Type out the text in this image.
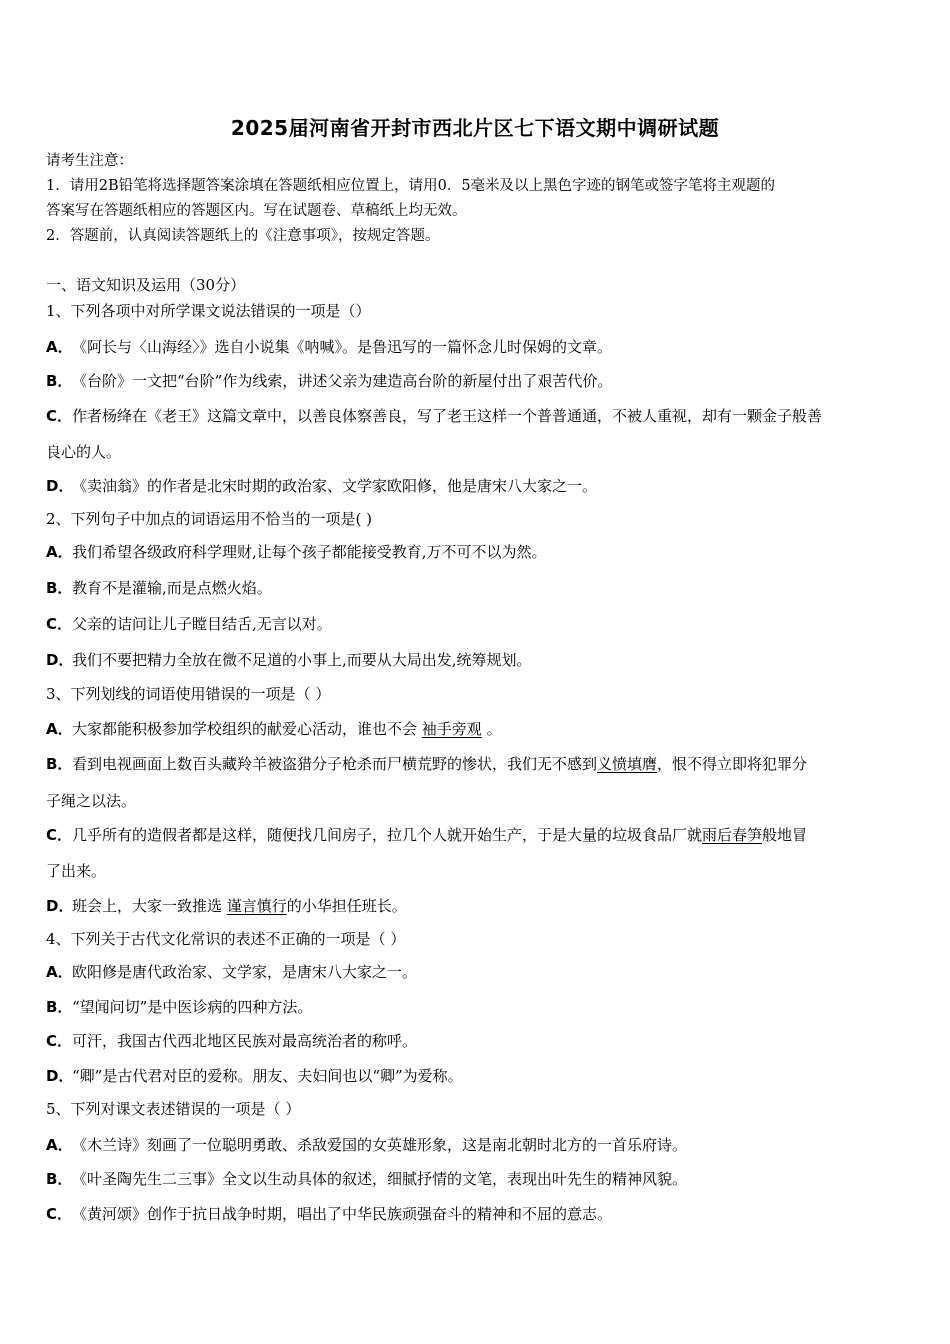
2025届河南省开封市西北片区七下语文期中调研试题
请考生注意：
1．请用2B铅笔将选择题答案涂填在答题纸相应位置上，请用0．5毫米及以上黑色字迹的钢笔或签字笔将主观题的
答案写在答题纸相应的答题区内。写在试题卷、草稿纸上均无效。
2．答题前，认真阅读答题纸上的《注意事项》，按规定答题。
一、语文知识及运用（30分）
1、下列各项中对所学课文说法错误的一项是（）
A．《阿长与〈山海经〉》选自小说集《呐喊》。是鲁迅写的一篇怀念儿时保姆的文章。
B．《台阶》一文把“台阶”作为线索，讲述父亲为建造高台阶的新屋付出了艰苦代价。
C．作者杨绛在《老王》这篇文章中，以善良体察善良，写了老王这样一个普普通通，不被人重视，却有一颗金子般善
良心的人。
D．《卖油翁》的作者是北宋时期的政治家、文学家欧阳修，他是唐宋八大家之一。
2、下列句子中加点的词语运用不恰当的一项是( )
A．我们希望各级政府科学理财,让每个孩子都能接受教育,万不可不以为然。
B．教育不是灌输,而是点燃火焰。
C．父亲的诘问让儿子瞠目结舌,无言以对。
D．我们不要把精力全放在微不足道的小事上,而要从大局出发,统筹规划。
3、下列划线的词语使用错误的一项是（ ）
A．大家都能积极参加学校组织的献爱心活动，谁也不会 袖手旁观 。
B．看到电视画面上数百头藏羚羊被盗猎分子枪杀而尸横荒野的惨状，我们无不感到义愤填膺，恨不得立即将犯罪分
子绳之以法。
C．几乎所有的造假者都是这样，随便找几间房子，拉几个人就开始生产，于是大量的垃圾食品厂就雨后春笋般地冒
了出来。
D．班会上，大家一致推选 谨言慎行的小华担任班长。
4、下列关于古代文化常识的表述不正确的一项是（ ）
A．欧阳修是唐代政治家、文学家，是唐宋八大家之一。
B．“望闻问切”是中医诊病的四种方法。
C．可汗，我国古代西北地区民族对最高统治者的称呼。
D．“卿”是古代君对臣的爱称。朋友、夫妇间也以“卿”为爱称。
5、下列对课文表述错误的一项是（ ）
A．《木兰诗》刻画了一位聪明勇敢、杀敌爱国的女英雄形象，这是南北朝时北方的一首乐府诗。
B．《叶圣陶先生二三事》全文以生动具体的叙述，细腻抒情的文笔，表现出叶先生的精神风貌。
C．《黄河颂》创作于抗日战争时期，唱出了中华民族顽强奋斗的精神和不屈的意志。
